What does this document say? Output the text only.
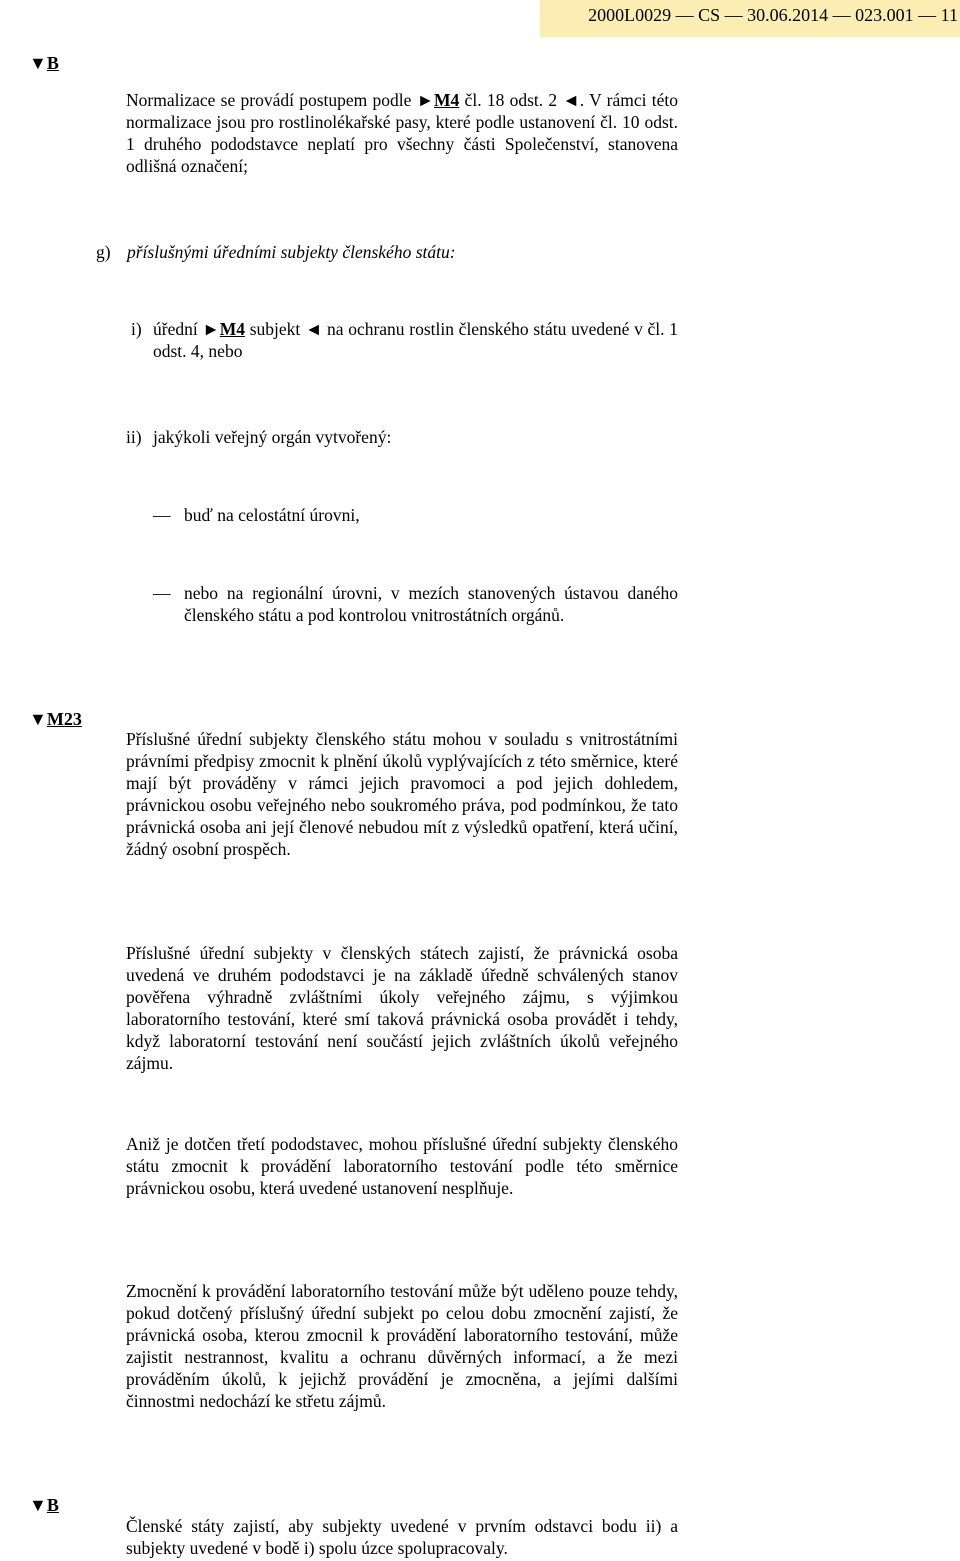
2000L0029 — CS — 30.06.2014 — 023.001 — 11
▼B
Normalizace se provádí postupem podle ►M4 čl. 18 odst. 2 ◄. V rámci této normalizace jsou pro rostlinolékařské pasy, které podle ustanovení čl. 10 odst. 1 druhého pododstavce neplatí pro všechny části Společenství, stanovena odlišná označení;
g) příslušnými úředními subjekty členského státu:
i) úřední ►M4 subjekt ◄ na ochranu rostlin členského státu uvedené v čl. 1 odst. 4, nebo
ii) jakýkoli veřejný orgán vytvořený:
— buď na celostátní úrovni,
— nebo na regionální úrovni, v mezích stanovených ústavou daného členského státu a pod kontrolou vnitrostátních orgánů.
▼M23
Příslušné úřední subjekty členského státu mohou v souladu s vnitrostátními právními předpisy zmocnit k plnění úkolů vyplývajících z této směrnice, které mají být prováděny v rámci jejich pravomoci a pod jejich dohledem, právnickou osobu veřejného nebo soukromého práva, pod podmínkou, že tato právnická osoba ani její členové nebudou mít z výsledků opatření, která učiní, žádný osobní prospěch.
Příslušné úřední subjekty v členských státech zajistí, že právnická osoba uvedená ve druhém pododstavci je na základě úředně schválených stanov pověřena výhradně zvláštními úkoly veřejného zájmu, s výjimkou laboratorního testování, které smí taková právnická osoba provádět i tehdy, když laboratorní testování není součástí jejich zvláštních úkolů veřejného zájmu.
Aniž je dotčen třetí pododstavec, mohou příslušné úřední subjekty členského státu zmocnit k provádění laboratorního testování podle této směrnice právnickou osobu, která uvedené ustanovení nesplňuje.
Zmocnění k provádění laboratorního testování může být uděleno pouze tehdy, pokud dotčený příslušný úřední subjekt po celou dobu zmocnění zajistí, že právnická osoba, kterou zmocnil k provádění laboratorního testování, může zajistit nestrannost, kvalitu a ochranu důvěrných informací, a že mezi prováděním úkolů, k jejichž provádění je zmocněna, a jejími dalšími činnostmi nedochází ke střetu zájmů.
▼B
Členské státy zajistí, aby subjekty uvedené v prvním odstavci bodu ii) a subjekty uvedené v bodě i) spolu úzce spolupracovaly.
